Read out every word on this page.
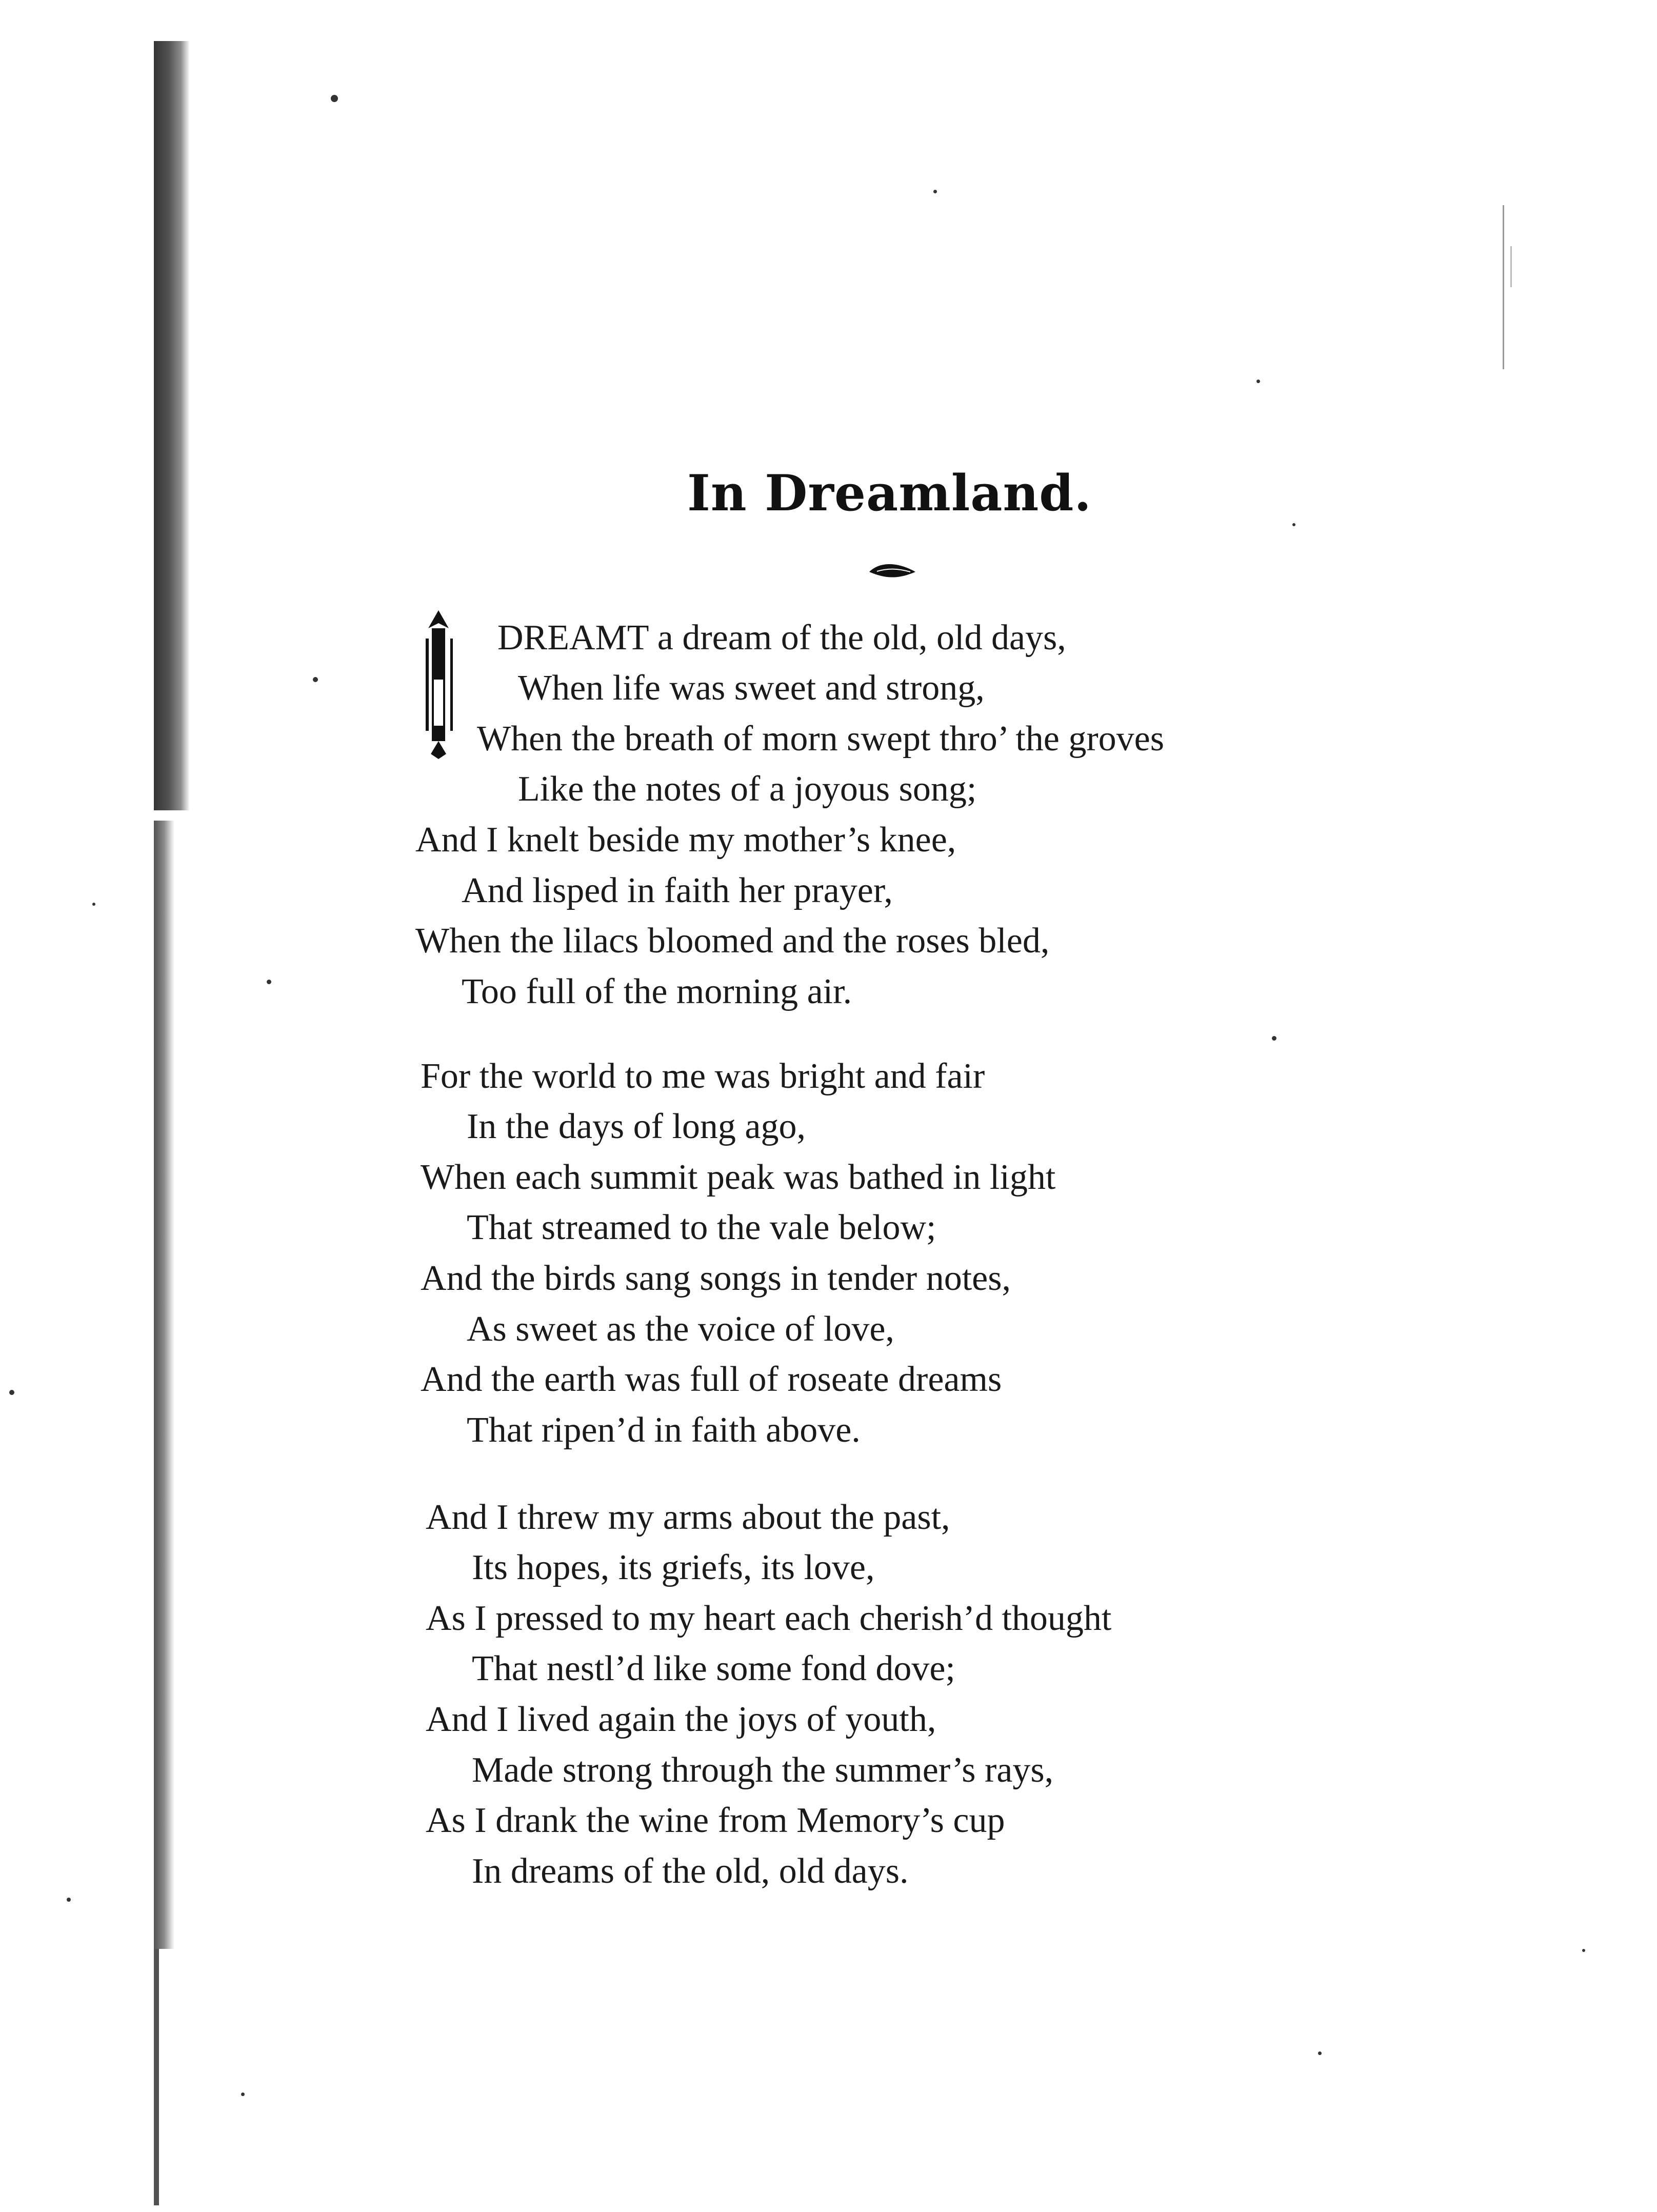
In Dreamland.
I
DREAMT a dream of the old, old days,
When life was sweet and strong,
When the breath of morn swept thro’ the groves
Like the notes of a joyous song;
And I knelt beside my mother’s knee,
And lisped in faith her prayer,
When the lilacs bloomed and the roses bled,
Too full of the morning air.
For the world to me was bright and fair
In the days of long ago,
When each summit peak was bathed in light
That streamed to the vale below;
And the birds sang songs in tender notes,
As sweet as the voice of love,
And the earth was full of roseate dreams
That ripen’d in faith above.
And I threw my arms about the past,
Its hopes, its griefs, its love,
As I pressed to my heart each cherish’d thought
That nestl’d like some fond dove;
And I lived again the joys of youth,
Made strong through the summer’s rays,
As I drank the wine from Memory’s cup
In dreams of the old, old days.
